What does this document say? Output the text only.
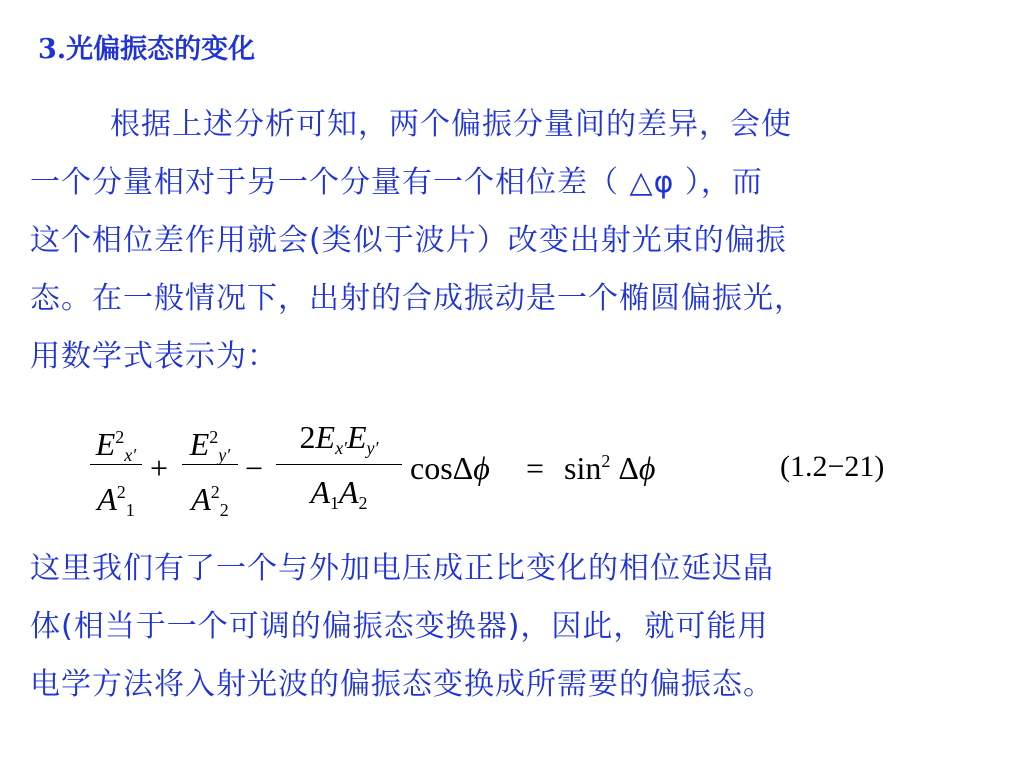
3.光偏振态的变化
根据上述分析可知，两个偏振分量间的差异，会使
一个分量相对于另一个分量有一个相位差（ △φ ），而
这个相位差作用就会(类似于波片）改变出射光束的偏振
态。在一般情况下，出射的合成振动是一个椭圆偏振光，
用数学式表示为：
$E^2_{x'}$
$A^2_1$
+
$E^2_{y'}$
$A^2_2$
−
$2E_{x'}E_{y'}$
$A_1A_2$
$\cos\Delta\phi = \sin^2 \Delta\phi$	(1.2−21)
这里我们有了一个与外加电压成正比变化的相位延迟晶
体(相当于一个可调的偏振态变换器)，因此，就可能用
电学方法将入射光波的偏振态变换成所需要的偏振态。
